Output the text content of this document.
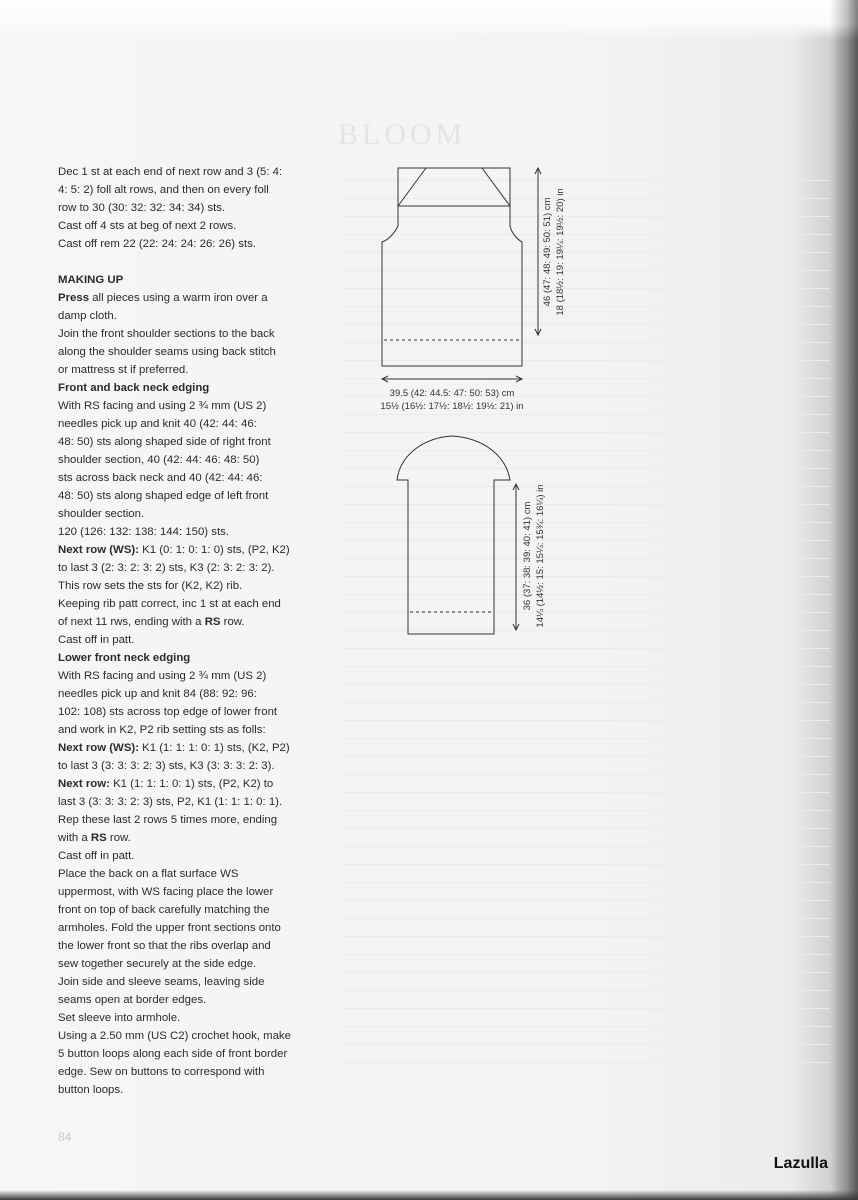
BLOOM

Dec 1 st at each end of next row and 3 (5: 4:

4: 5: 2) foll alt rows, and then on every foll

row to 30 (30: 32: 32: 34: 34) sts.

Cast off 4 sts at beg of next 2 rows.

Cast off rem 22 (22: 24: 24: 26: 26) sts.

MAKING UP

Press all pieces using a warm iron over a

damp cloth.

Join the front shoulder sections to the back

along the shoulder seams using back stitch

or mattress st if preferred.

Front and back neck edging

With RS facing and using 2 ¾ mm (US 2)

needles pick up and knit 40 (42: 44: 46:

48: 50) sts along shaped side of right front

shoulder section, 40 (42: 44: 46: 48: 50)

sts across back neck and 40 (42: 44: 46:

48: 50) sts along shaped edge of left front

shoulder section.

120 (126: 132: 138: 144: 150) sts.

Next row (WS): K1 (0: 1: 0: 1: 0) sts, (P2, K2)

to last 3 (2: 3: 2: 3: 2) sts, K3 (2: 3: 2: 3: 2).

This row sets the sts for (K2, K2) rib.

Keeping rib patt correct, inc 1 st at each end

of next 11 rws, ending with a RS row.

Cast off in patt.

Lower front neck edging

With RS facing and using 2 ¾ mm (US 2)

needles pick up and knit 84 (88: 92: 96:

102: 108) sts across top edge of lower front

and work in K2, P2 rib setting sts as folls:

Next row (WS): K1 (1: 1: 1: 0: 1) sts, (K2, P2)

to last 3 (3: 3: 3: 2: 3) sts, K3 (3: 3: 3: 2: 3).

Next row: K1 (1: 1: 1: 0: 1) sts, (P2, K2) to

last 3 (3: 3: 3: 2: 3) sts, P2, K1 (1: 1: 1: 0: 1).

Rep these last 2 rows 5 times more, ending

with a RS row.

Cast off in patt.

Place the back on a flat surface WS

uppermost, with WS facing place the lower

front on top of back carefully matching the

armholes. Fold the upper front sections onto

the lower front so that the ribs overlap and

sew together securely at the side edge.

Join side and sleeve seams, leaving side

seams open at border edges.

Set sleeve into armhole.

Using a 2.50 mm (US C2) crochet hook, make

5 button loops along each side of front border

edge. Sew on buttons to correspond with

button loops.

39.5 (42: 44.5: 47: 50: 53) cm
15½ (16½: 17½: 18½: 19½: 21) in
46 (47: 48: 49: 50: 51) cm 18 (18½: 19: 19¼: 19½: 20) in
36 (37: 38: 39: 40: 41) cm 14¼ (14½: 15: 15¼: 15¾: 16¼) in
84
Lazulla
